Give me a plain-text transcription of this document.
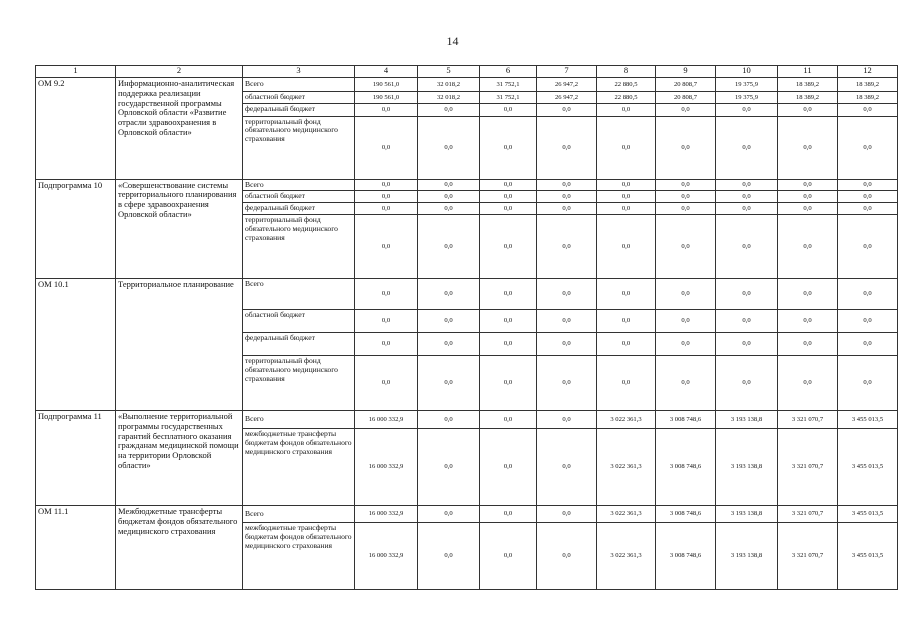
14
1	2	3	4	5	6	7	8	9	10	11	12
ОМ 9.2	Информационно-аналитическая поддержка реализации государственной программы Орловской области «Развитие отрасли здравоохранения в Орловской области»	Всего	190 561,0	32 018,2	31 752,1	26 947,2	22 880,5	20 808,7	19 375,9	18 389,2	18 389,2
		областной бюджет	190 561,0	32 018,2	31 752,1	26 947,2	22 880,5	20 808,7	19 375,9	18 389,2	18 389,2
		федеральный бюджет	0,0	0,0	0,0	0,0	0,0	0,0	0,0	0,0	0,0
		территориальный фонд обязательного медицинского страхования	0,0	0,0	0,0	0,0	0,0	0,0	0,0	0,0	0,0
Подпрограмма 10	«Совершенствование системы территориального планирования в сфере здравоохранения Орловской области»	Всего	0,0	0,0	0,0	0,0	0,0	0,0	0,0	0,0	0,0
		областной бюджет	0,0	0,0	0,0	0,0	0,0	0,0	0,0	0,0	0,0
		федеральный бюджет	0,0	0,0	0,0	0,0	0,0	0,0	0,0	0,0	0,0
		территориальный фонд обязательного медицинского страхования	0,0	0,0	0,0	0,0	0,0	0,0	0,0	0,0	0,0
ОМ 10.1	Территориальное планирование	Всего	0,0	0,0	0,0	0,0	0,0	0,0	0,0	0,0	0,0
		областной бюджет	0,0	0,0	0,0	0,0	0,0	0,0	0,0	0,0	0,0
		федеральный бюджет	0,0	0,0	0,0	0,0	0,0	0,0	0,0	0,0	0,0
		территориальный фонд обязательного медицинского страхования	0,0	0,0	0,0	0,0	0,0	0,0	0,0	0,0	0,0
Подпрограмма 11	«Выполнение территориальной программы государственных гарантий бесплатного оказания гражданам медицинской помощи на территории Орловской области»	Всего	16 000 332,9	0,0	0,0	0,0	3 022 361,3	3 008 748,6	3 193 138,8	3 321 070,7	3 455 013,5
		межбюджетные трансферты бюджетам фондов обязательного медицинского страхования	16 000 332,9	0,0	0,0	0,0	3 022 361,3	3 008 748,6	3 193 138,8	3 321 070,7	3 455 013,5
ОМ 11.1	Межбюджетные трансферты бюджетам фондов обязательного медицинского страхования	Всего	16 000 332,9	0,0	0,0	0,0	3 022 361,3	3 008 748,6	3 193 138,8	3 321 070,7	3 455 013,5
		межбюджетные трансферты бюджетам фондов обязательного медицинского страхования	16 000 332,9	0,0	0,0	0,0	3 022 361,3	3 008 748,6	3 193 138,8	3 321 070,7	3 455 013,5
